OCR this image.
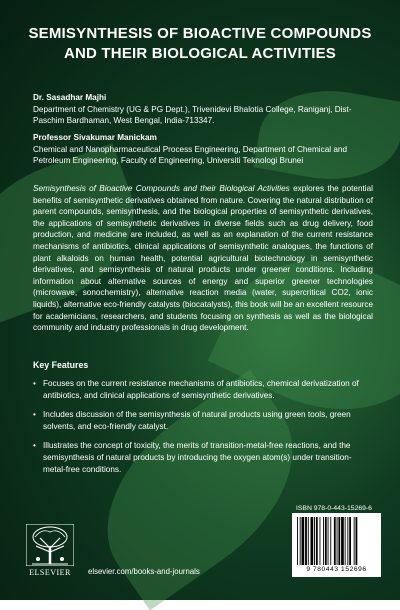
SEMISYNTHESIS OF BIOACTIVE COMPOUNDS
AND THEIR BIOLOGICAL ACTIVITIES
Dr. Sasadhar Majhi
Department of Chemistry (UG & PG Dept.), Trivenidevi Bhalotia College, Raniganj, Dist-Paschim Bardhaman, West Bengal, India-713347.
Professor Sivakumar Manickam
Chemical and Nanopharmaceutical Process Engineering, Department of Chemical and Petroleum Engineering, Faculty of Engineering, Universiti Teknologi Brunei
Semisynthesis of Bioactive Compounds and their Biological Activities explores the potential benefits of semisynthetic derivatives obtained from nature. Covering the natural distribution of parent compounds, semisynthesis, and the biological properties of semisynthetic derivatives, the applications of semisynthetic derivatives in diverse fields such as drug delivery, food production, and medicine are included, as well as an explanation of the current resistance mechanisms of antibiotics, clinical applications of semisynthetic analogues, the functions of plant alkaloids on human health, potential agricultural biotechnology in semisynthetic derivatives, and semisynthesis of natural products under greener conditions. Including information about alternative sources of energy and superior greener technologies (microwave, sonochemistry), alternative reaction media (water, supercritical CO2, ionic liquids), alternative eco-friendly catalysts (biocatalysts), this book will be an excellent resource for academicians, researchers, and students focusing on synthesis as well as the biological community and industry professionals in drug development.
Key Features
• Focuses on the current resistance mechanisms of antibiotics, chemical derivatization of antibiotics, and clinical applications of semisynthetic derivatives.
• Includes discussion of the semisynthesis of natural products using green tools, green solvents, and eco-friendly catalyst.
• Illustrates the concept of toxicity, the merits of transition-metal-free reactions, and the semisynthesis of natural products by introducing the oxygen atom(s) under transition-metal-free conditions.
ELSEVIER	elsevier.com/books-and-journals
ISBN 978-0-443-15269-6
9 780443 152696
